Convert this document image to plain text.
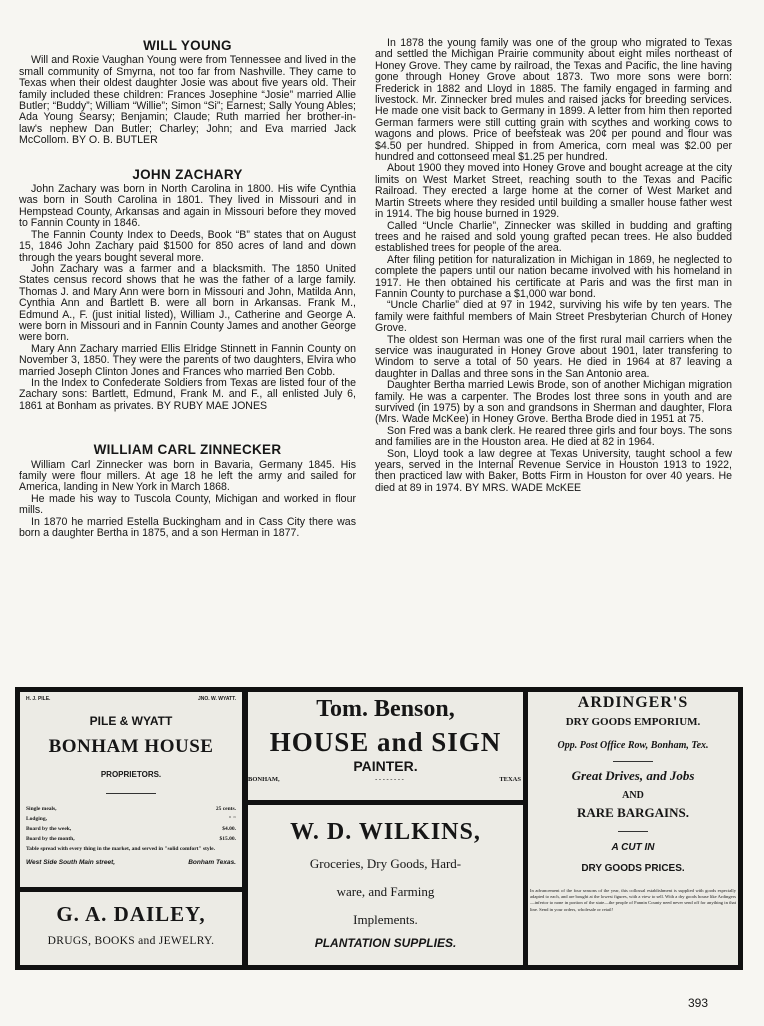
WILL YOUNG

Will and Roxie Vaughan Young were from Tennessee and lived in the small community of Smyrna, not too far from Nashville. They came to Texas when their oldest daughter Josie was about five years old. Their family included these children: Frances Josephine “Josie” married Allie Butler; “Buddy”; William “Willie”; Simon “Si”; Earnest; Sally Young Ables; Ada Young Searsy; Benjamin; Claude; Ruth married her brother-in-law's nephew Dan Butler; Charley; John; and Eva married Jack McCollom. BY O. B. BUTLER

JOHN ZACHARY

John Zachary was born in North Carolina in 1800. His wife Cynthia was born in South Carolina in 1801. They lived in Missouri and in Hempstead County, Arkansas and again in Missouri before they moved to Fannin County in 1846.

The Fannin County Index to Deeds, Book “B” states that on August 15, 1846 John Zachary paid $1500 for 850 acres of land and down through the years bought several more.

John Zachary was a farmer and a blacksmith. The 1850 United States census record shows that he was the father of a large family. Thomas J. and Mary Ann were born in Missouri and John, Matilda Ann, Cynthia Ann and Bartlett B. were all born in Arkansas. Frank M., Edmund A., F. (just initial listed), William J., Catherine and George A. were born in Missouri and in Fannin County James and another George were born.

Mary Ann Zachary married Ellis Elridge Stinnett in Fannin County on November 3, 1850. They were the parents of two daughters, Elvira who married Joseph Clinton Jones and Frances who married Ben Cobb.

In the Index to Confederate Soldiers from Texas are listed four of the Zachary sons: Bartlett, Edmund, Frank M. and F., all enlisted July 6, 1861 at Bonham as privates. BY RUBY MAE JONES

WILLIAM CARL ZINNECKER

William Carl Zinnecker was born in Bavaria, Germany 1845. His family were flour millers. At age 18 he left the army and sailed for America, landing in New York in March 1868.

He made his way to Tuscola County, Michigan and worked in flour mills.

In 1870 he married Estella Buckingham and in Cass City there was born a daughter Bertha in 1875, and a son Herman in 1877.

In 1878 the young family was one of the group who migrated to Texas and settled the Michigan Prairie community about eight miles northeast of Honey Grove. They came by railroad, the Texas and Pacific, the line having gone through Honey Grove about 1873. Two more sons were born: Frederick in 1882 and Lloyd in 1885. The family engaged in farming and livestock. Mr. Zinnecker bred mules and raised jacks for breeding services. He made one visit back to Germany in 1899. A letter from him then reported German farmers were still cutting grain with scythes and working cows to wagons and plows. Price of beefsteak was 20¢ per pound and flour was $4.50 per hundred. Shipped in from America, corn meal was $2.00 per hundred and cottonseed meal $1.25 per hundred.

About 1900 they moved into Honey Grove and bought acreage at the city limits on West Market Street, reaching south to the Texas and Pacific Railroad. They erected a large home at the corner of West Market and Martin Streets where they resided until building a smaller house father west in 1914. The big house burned in 1929.

Called “Uncle Charlie”, Zinnecker was skilled in budding and grafting trees and he raised and sold young grafted pecan trees. He also budded established trees for people of the area.

After filing petition for naturalization in Michigan in 1869, he neglected to complete the papers until our nation became involved with his homeland in 1917. He then obtained his certificate at Paris and was the first man in Fannin County to purchase a $1,000 war bond.

“Uncle Charlie” died at 97 in 1942, surviving his wife by ten years. The family were faithful members of Main Street Presbyterian Church of Honey Grove.

The oldest son Herman was one of the first rural mail carriers when the service was inaugurated in Honey Grove about 1901, later transfering to Windom to serve a total of 50 years. He died in 1964 at 87 leaving a daughter in Dallas and three sons in the San Antonio area.

Daughter Bertha married Lewis Brode, son of another Michigan migration family. He was a carpenter. The Brodes lost three sons in youth and are survived (in 1975) by a son and grandsons in Sherman and daughter, Flora (Mrs. Wade McKee) in Honey Grove. Bertha Brode died in 1951 at 75.

Son Fred was a bank clerk. He reared three girls and four boys. The sons and families are in the Houston area. He died at 82 in 1964.

Son, Lloyd took a law degree at Texas University, taught school a few years, served in the Internal Revenue Service in Houston 1913 to 1922, then practiced law with Baker, Botts Firm in Houston for over 40 years. He died at 89 in 1974. BY MRS. WADE McKEE

H. J. PILE.	JNO. W. WYATT.
PILE & WYATT
BONHAM HOUSE
PROPRIETORS.
Single meals,	25 cents.
Lodging,	" "
Board by the week,	$4.00.
Board by the month,	$15.00.
Table spread with every thing in the market, and served in "solid comfort" style.
West Side South Main street,	Bonham Texas.
G. A. DAILEY,
DRUGS, BOOKS and JEWELRY.
Tom. Benson,
HOUSE and SIGN
PAINTER.
BONHAM,	- - - - - - - -	TEXAS
W. D. WILKINS,
Groceries, Dry Goods, Hard-
ware, and Farming
Implements.
PLANTATION SUPPLIES.
ARDINGER'S
DRY GOODS EMPORIUM.
Opp. Post Office Row, Bonham, Tex.
Great Drives, and Jobs
AND
RARE BARGAINS.
A CUT IN
DRY GOODS PRICES.
In advancement of the four seasons of the year, this collossal establishment is supplied with goods especially adapted to each, and are bought at the lowest figures, with a view to sell. With a dry goods house like Ardingers—inferior to none in portion of the state—the people of Fannin County need never send off for anything in that line. Send in your orders, wholesale or retail!
393
